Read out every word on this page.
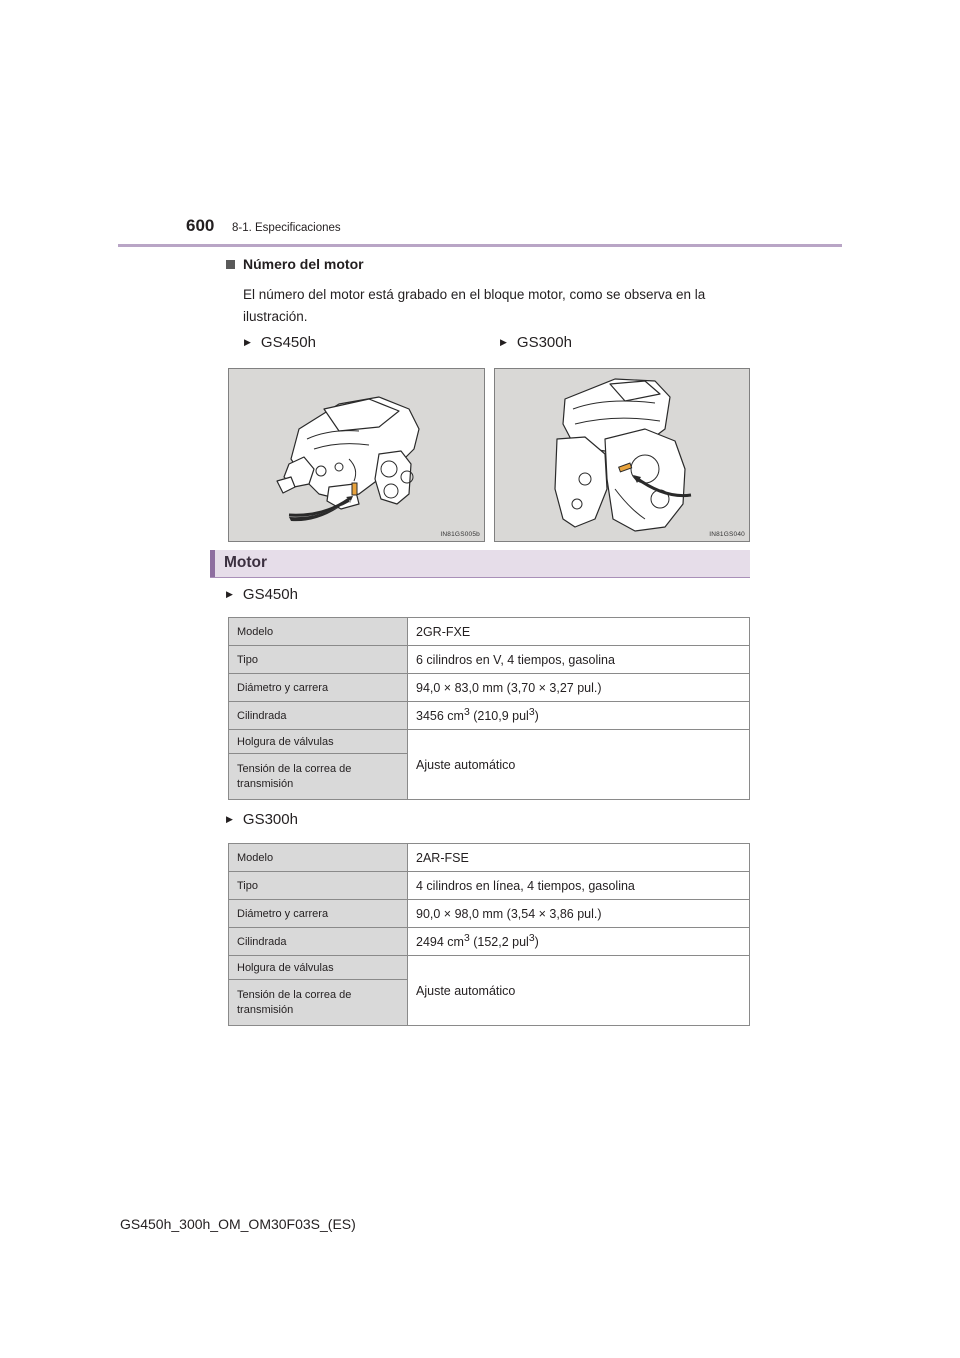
600 8-1. Especificaciones
Número del motor
El número del motor está grabado en el bloque motor, como se observa en la ilustración.
▶ GS450h	▶ GS300h
IN81GS005b	IN81GS040
Motor
▶ GS450h
Modelo	2GR-FXE
Tipo	6 cilindros en V, 4 tiempos, gasolina
Diámetro y carrera	94,0 × 83,0 mm (3,70 × 3,27 pul.)
Cilindrada	3456 $cm^3$ (210,9 pul$^3$)
Holgura de válvulas	Ajuste automático
Tensión de la correa de transmisión	
▶ GS300h
Modelo	2AR-FSE
Tipo	4 cilindros en línea, 4 tiempos, gasolina
Diámetro y carrera	90,0 × 98,0 mm (3,54 × 3,86 pul.)
Cilindrada	2494 $cm^3$ (152,2 pul$^3$)
Holgura de válvulas	Ajuste automático
Tensión de la correa de transmisión	
GS450h_300h_OM_OM30F03S_(ES)
